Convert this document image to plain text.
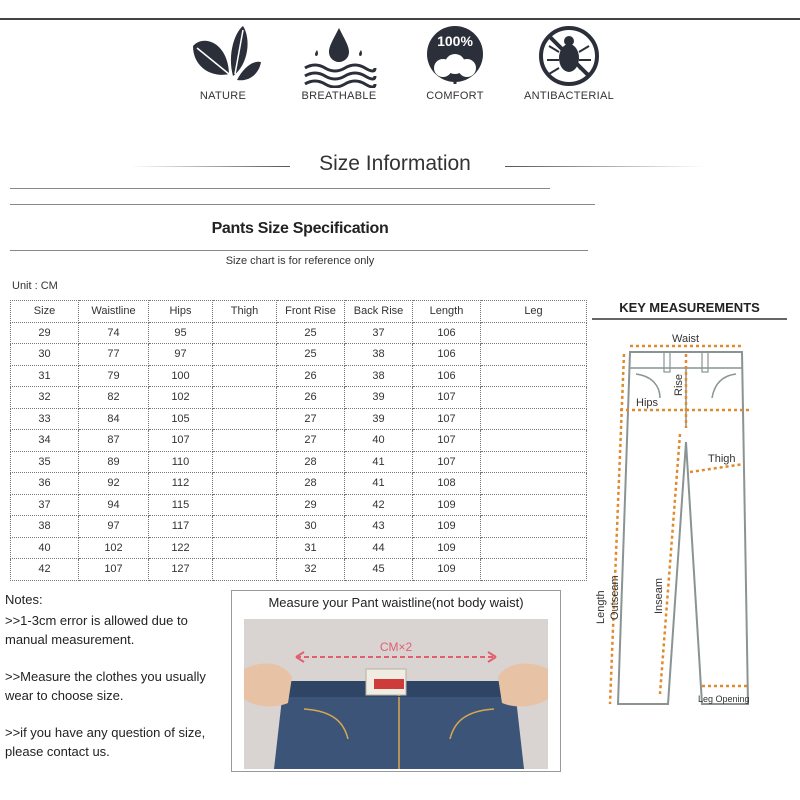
NATURE	BREATHABLE
100%
COMFORT	ANTIBACTERIAL
Size Information
Pants Size Specification
Size chart is for reference only
Unit : CM
Size	Waistline	Hips	Thigh	Front Rise	Back Rise	Length	Leg
29	74	95		25	37	106	
30	77	97		25	38	106	
31	79	100		26	38	106	
32	82	102		26	39	107	
33	84	105		27	39	107	
34	87	107		27	40	107	
35	89	110		28	41	107	
36	92	112		28	41	108	
37	94	115		29	42	109	
38	97	117		30	43	109	
40	102	122		31	44	109	
42	107	127		32	45	109	
KEY MEASUREMENTS
Waist
Rise
Hips
Thigh
Length Outseam	Inseam
Leg Opening

Notes:

>>1-3cm error is allowed due to manual measurement.

>>Measure the clothes you usually wear to choose size.

>>if you have any question of size, please contact us.

Measure your Pant waistline(not body waist)
CM×2
